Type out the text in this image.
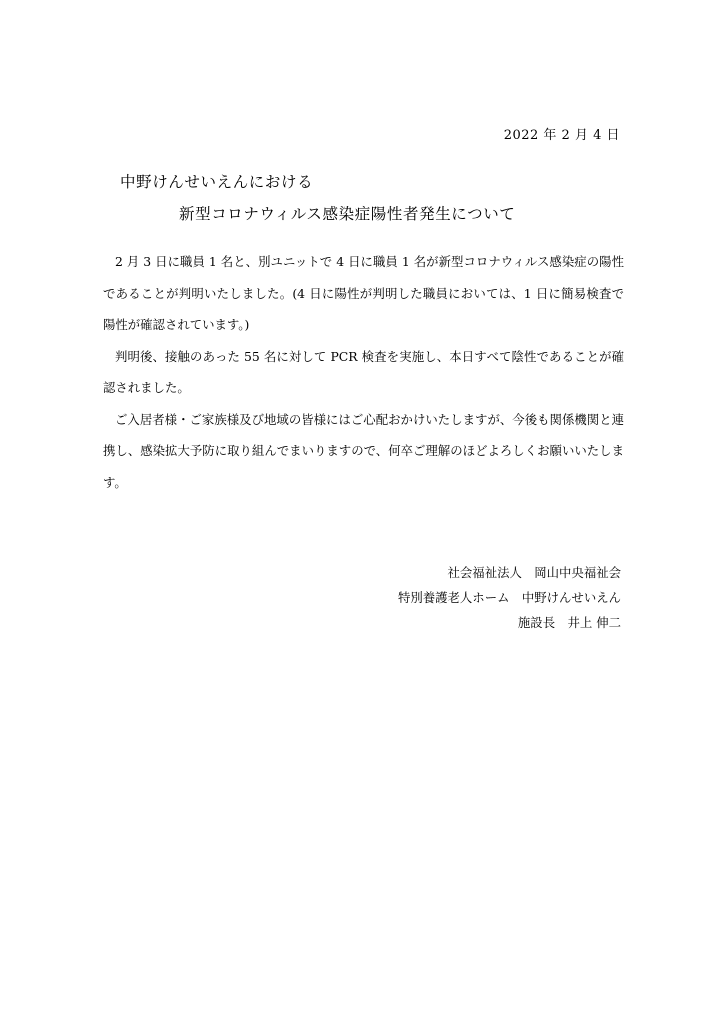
2022 年 2 月 4 日
中野けんせいえんにおける
新型コロナウィルス感染症陽性者発生について

2 月 3 日に職員 1 名と、別ユニットで 4 日に職員 1 名が新型コロナウィルス感染症の陽性であることが判明いたしました。(4 日に陽性が判明した職員においては、1 日に簡易検査で陽性が確認されています。)

判明後、接触のあった 55 名に対して PCR 検査を実施し、本日すべて陰性であることが確認されました。

ご入居者様・ご家族様及び地域の皆様にはご心配おかけいたしますが、今後も関係機関と連携し、感染拡大予防に取り組んでまいりますので、何卒ご理解のほどよろしくお願いいたします。

社会福祉法人　岡山中央福祉会
特別養護老人ホーム　中野けんせいえん
施設長　井上 伸二
